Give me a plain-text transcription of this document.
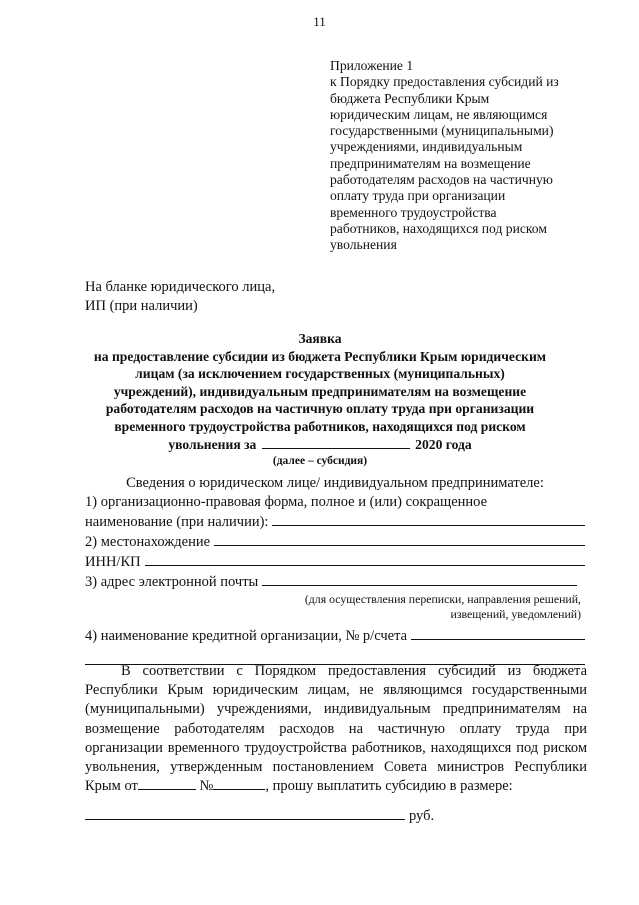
11
Приложение 1
к Порядку предоставления субсидий из
бюджета Республики Крым
юридическим лицам, не являющимся
государственными (муниципальными)
учреждениями, индивидуальным
предпринимателям на возмещение
работодателям расходов на частичную
оплату труда при организации
временного трудоустройства
работников, находящихся под риском
увольнения
На бланке юридического лица,
ИП (при наличии)
Заявка
на предоставление субсидии из бюджета Республики Крым юридическим
лицам (за исключением государственных (муниципальных)
учреждений), индивидуальным предпринимателям на возмещение
работодателям расходов на частичную оплату труда при организации
временного трудоустройства работников, находящихся под риском
увольнения за	2020 года
(далее – субсидия)
Сведения о юридическом лице/ индивидуальном предпринимателе:
1) организационно-правовая форма, полное и (или) сокращенное
наименование (при наличии):
2) местонахождение
ИНН/КП
3) адрес электронной почты
(для осуществления переписки, направления решений,
извещений, уведомлений)
4) наименование кредитной организации, № р/счета
В соответствии с Порядком предоставления субсидий из бюджета Республики Крым юридическим лицам, не являющимся государственными (муниципальными) учреждениями, индивидуальным предпринимателям на возмещение работодателям расходов на частичную оплату труда при организации временного трудоустройства работников, находящихся под риском увольнения, утвержденным постановлением Совета министров Республики Крым от	№	, прошу выплатить субсидию в размере:
руб.
